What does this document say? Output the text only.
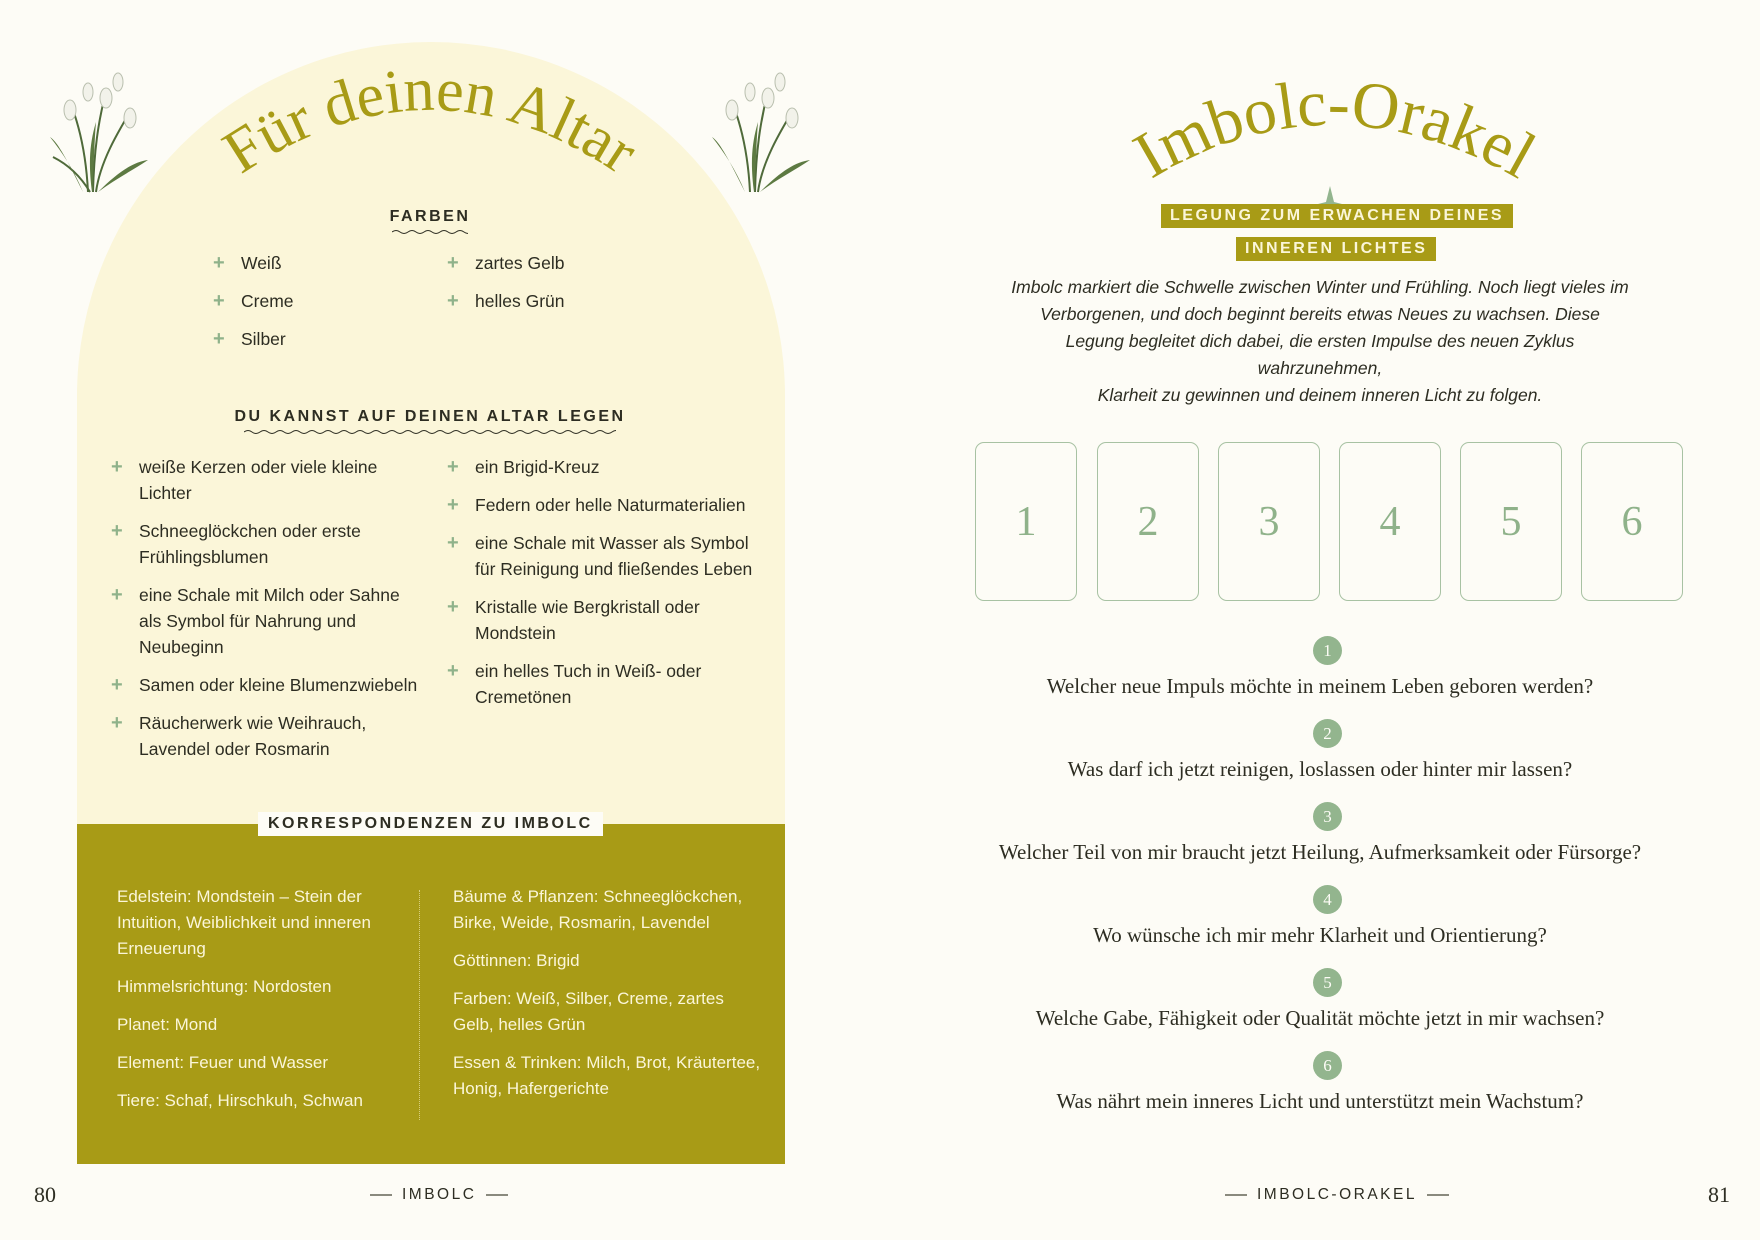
Für deinen Altar
FARBEN
+ Weiß
+ Creme
+ Silber
+ zartes Gelb
+ helles Grün
DU KANNST AUF DEINEN ALTAR LEGEN
+ weiße Kerzen oder viele kleine
Lichter
+ Schneeglöckchen oder erste
Frühlingsblumen
+ eine Schale mit Milch oder Sahne
als Symbol für Nahrung und
Neubeginn
+ Samen oder kleine Blumenzwiebeln
+ Räucherwerk wie Weihrauch,
Lavendel oder Rosmarin
+ ein Brigid-Kreuz
+ Federn oder helle Naturmaterialien
+ eine Schale mit Wasser als Symbol
für Reinigung und fließendes Leben
+ Kristalle wie Bergkristall oder
Mondstein
+ ein helles Tuch in Weiß- oder
Cremetönen
KORRESPONDENZEN ZU IMBOLC

Edelstein: Mondstein – Stein der
Intuition, Weiblichkeit und inneren
Erneuerung

Himmelsrichtung: Nordosten

Planet: Mond

Element: Feuer und Wasser

Tiere: Schaf, Hirschkuh, Schwan

Bäume & Pflanzen: Schneeglöckchen,
Birke, Weide, Rosmarin, Lavendel

Göttinnen: Brigid

Farben: Weiß, Silber, Creme, zartes
Gelb, helles Grün

Essen & Trinken: Milch, Brot, Kräutertee,
Honig, Hafergerichte

80	IMBOLC
Imbolc-Orakel
LEGUNG ZUM ERWACHEN DEINES
INNEREN LICHTES
Imbolc markiert die Schwelle zwischen Winter und Frühling. Noch liegt vieles im
Verborgenen, und doch beginnt bereits etwas Neues zu wachsen. Diese
Legung begleitet dich dabei, die ersten Impulse des neuen Zyklus wahrzunehmen,
Klarheit zu gewinnen und deinem inneren Licht zu folgen.
1	2	3	4	5	6
1
Welcher neue Impuls möchte in meinem Leben geboren werden?
2
Was darf ich jetzt reinigen, loslassen oder hinter mir lassen?
3
Welcher Teil von mir braucht jetzt Heilung, Aufmerksamkeit oder Fürsorge?
4
Wo wünsche ich mir mehr Klarheit und Orientierung?
5
Welche Gabe, Fähigkeit oder Qualität möchte jetzt in mir wachsen?
6
Was nährt mein inneres Licht und unterstützt mein Wachstum?
IMBOLC-ORAKEL	81
